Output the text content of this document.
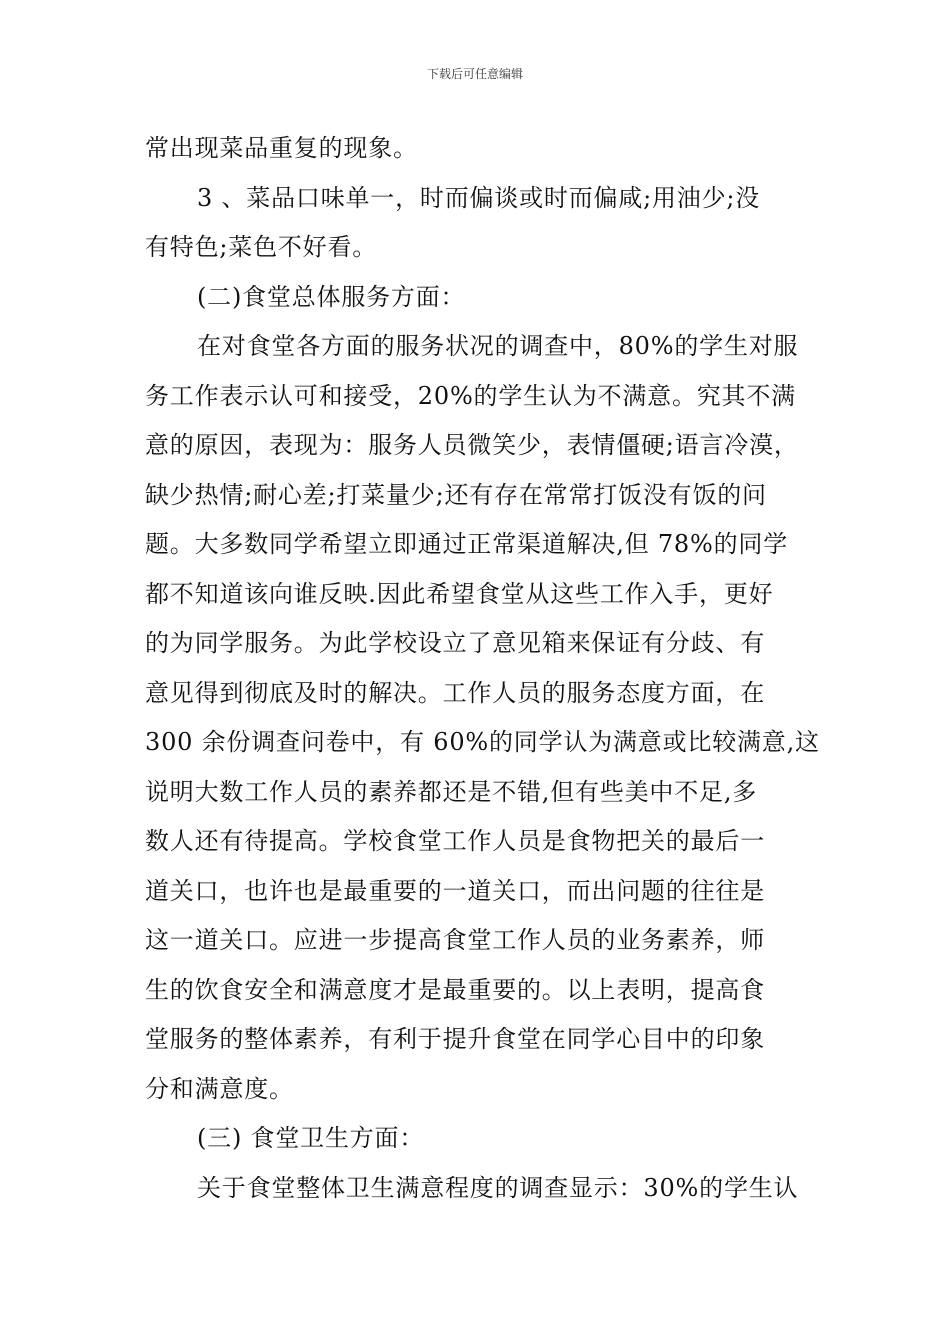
下载后可任意编辑
常出现菜品重复的现象。
3 、菜品口味单一，时而偏谈或时而偏咸;用油少;没
有特色;菜色不好看。
(二)食堂总体服务方面：
在对食堂各方面的服务状况的调查中，80%的学生对服
务工作表示认可和接受，20%的学生认为不满意。究其不满
意的原因，表现为：服务人员微笑少，表情僵硬;语言冷漠，
缺少热情;耐心差;打菜量少;还有存在常常打饭没有饭的问
题。大多数同学希望立即通过正常渠道解决,但 78%的同学
都不知道该向谁反映.因此希望食堂从这些工作入手，更好
的为同学服务。为此学校设立了意见箱来保证有分歧、有
意见得到彻底及时的解决。工作人员的服务态度方面，在
300 余份调查问卷中，有 60%的同学认为满意或比较满意,这
说明大数工作人员的素养都还是不错,但有些美中不足,多
数人还有待提高。学校食堂工作人员是食物把关的最后一
道关口，也许也是最重要的一道关口，而出问题的往往是
这一道关口。应进一步提高食堂工作人员的业务素养，师
生的饮食安全和满意度才是最重要的。以上表明，提高食
堂服务的整体素养，有利于提升食堂在同学心目中的印象
分和满意度。
(三) 食堂卫生方面：
关于食堂整体卫生满意程度的调查显示：30%的学生认
